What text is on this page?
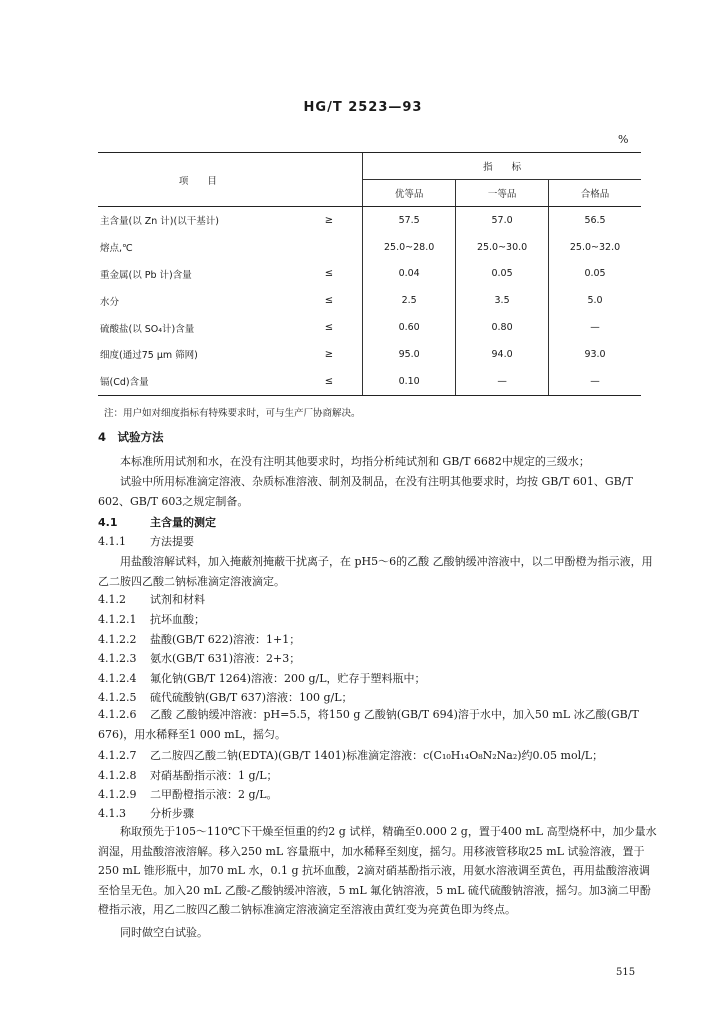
HG/T 2523—93
%
项　　目		指　　标		
		优等品	一等品	合格品
主含量(以 Zn 计)(以干基计)	≥	57.5	57.0	56.5
熔点,℃		25.0~28.0	25.0~30.0	25.0~32.0
重金属(以 Pb 计)含量	≤	0.04	0.05	0.05
水分	≤	2.5	3.5	5.0
硫酸盐(以 SO₄计)含量	≤	0.60	0.80	—
细度(通过75 μm 筛网)	≥	95.0	94.0	93.0
镉(Cd)含量	≤	0.10	—	—
注：用户如对细度指标有特殊要求时，可与生产厂协商解决。
4　试验方法
本标准所用试剂和水，在没有注明其他要求时，均指分析纯试剂和 GB/T 6682中规定的三级水；
试验中所用标准滴定溶液、杂质标准溶液、制剂及制品，在没有注明其他要求时，均按 GB/T 601、GB/T 602、GB/T 603之规定制备。
4.1	主含量的测定
4.1.1 方法提要
用盐酸溶解试料，加入掩蔽剂掩蔽干扰离子，在 pH5～6的乙酸 乙酸钠缓冲溶液中，以二甲酚橙为指示液，用乙二胺四乙酸二钠标准滴定溶液滴定。
4.1.2 试剂和材料
4.1.2.1 抗坏血酸；
4.1.2.2 盐酸(GB/T 622)溶液：1+1；
4.1.2.3 氨水(GB/T 631)溶液：2+3；
4.1.2.4 氟化钠(GB/T 1264)溶液：200 g/L，贮存于塑料瓶中；
4.1.2.5 硫代硫酸钠(GB/T 637)溶液：100 g/L；
4.1.2.6 乙酸 乙酸钠缓冲溶液：pH=5.5，将150 g 乙酸钠(GB/T 694)溶于水中，加入50 mL 冰乙酸(GB/T 676)，用水稀释至1 000 mL，摇匀。
4.1.2.7 乙二胺四乙酸二钠(EDTA)(GB/T 1401)标准滴定溶液：c(C₁₀H₁₄O₈N₂Na₂)约0.05 mol/L；
4.1.2.8 对硝基酚指示液：1 g/L；
4.1.2.9 二甲酚橙指示液：2 g/L。
4.1.3 分析步骤
称取预先于105～110℃下干燥至恒重的约2 g 试样，精确至0.000 2 g，置于400 mL 高型烧杯中，加少量水润湿，用盐酸溶液溶解。移入250 mL 容量瓶中，加水稀释至刻度，摇匀。用移液管移取25 mL 试验溶液，置于250 mL 锥形瓶中，加70 mL 水，0.1 g 抗坏血酸，2滴对硝基酚指示液，用氨水溶液调至黄色，再用盐酸溶液调至恰呈无色。加入20 mL 乙酸-乙酸钠缓冲溶液，5 mL 氟化钠溶液，5 mL 硫代硫酸钠溶液，摇匀。加3滴二甲酚橙指示液，用乙二胺四乙酸二钠标准滴定溶液滴定至溶液由黄红变为亮黄色即为终点。
同时做空白试验。
515
